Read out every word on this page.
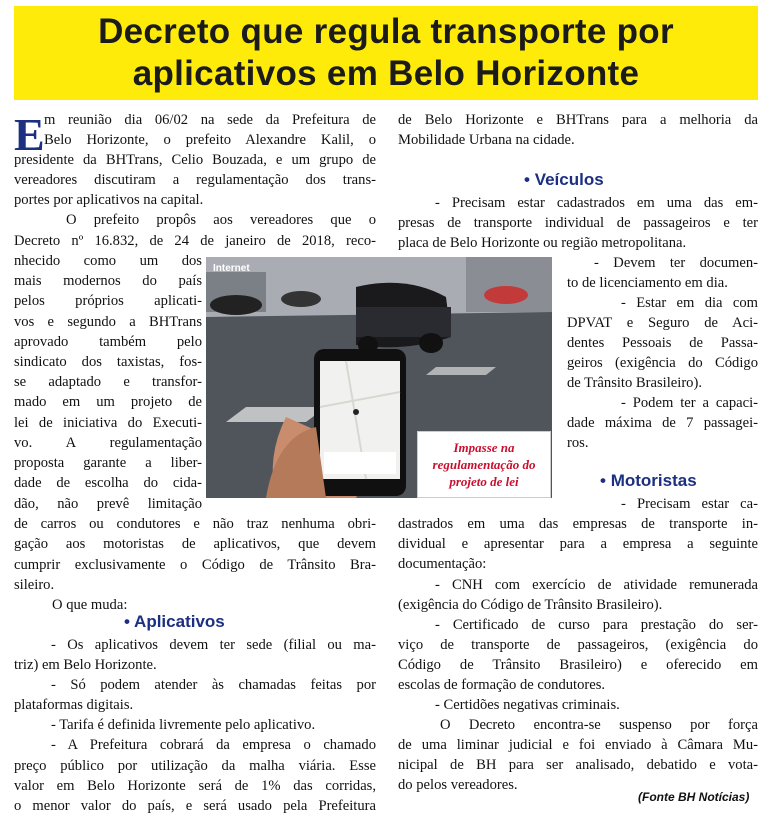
Decreto que regula transporte por
aplicativos em Belo Horizonte
E m reunião dia 06/02 na sede da Prefeitura de

Belo Horizonte, o prefeito Alexandre Kalil, o

presidente da BHTrans, Celio Bouzada, e um grupo de

vereadores discutiram a regulamentação dos trans-

portes por aplicativos na capital.

O prefeito propôs aos vereadores que o

Decreto nº 16.832, de 24 de janeiro de 2018, reco-

nhecido como um dos

mais modernos do país

pelos próprios aplicati-

vos e segundo a BHTrans

aprovado também pelo

sindicato dos taxistas, fos-

se adaptado e transfor-

mado em um projeto de

lei de iniciativa do Executi-

vo. A regulamentação

proposta garante a liber-

dade de escolha do cida-

dão, não prevê limitação

de carros ou condutores e não traz nenhuma obri-

gação aos motoristas de aplicativos, que devem

cumprir exclusivamente o Código de Trânsito Bra-

sileiro.

O que muda:

• Aplicativos

- Os aplicativos devem ter sede (filial ou ma-

triz) em Belo Horizonte.

- Só podem atender às chamadas feitas por

plataformas digitais.

- Tarifa é definida livremente pelo aplicativo.

- A Prefeitura cobrará da empresa o chamado

preço público por utilização da malha viária. Esse

valor em Belo Horizonte será de 1% das corridas,

o menor valor do país, e será usado pela Prefeitura

Internet
Impasse na regulamentação do projeto de lei

de Belo Horizonte e BHTrans para a melhoria da

Mobilidade Urbana na cidade.

• Veículos

- Precisam estar cadastrados em uma das em-

presas de transporte individual de passageiros e ter

placa de Belo Horizonte ou região metropolitana.

- Devem ter documen-

to de licenciamento em dia.

- Estar em dia com

DPVAT e Seguro de Aci-

dentes Pessoais de Passa-

geiros (exigência do Código

de Trânsito Brasileiro).

- Podem ter a capaci-

dade máxima de 7 passagei-

ros.

• Motoristas

- Precisam estar ca-

dastrados em uma das empresas de transporte in-

dividual e apresentar para a empresa a seguinte

documentação:

- CNH com exercício de atividade remunerada

(exigência do Código de Trânsito Brasileiro).

- Certificado de curso para prestação do ser-

viço de transporte de passageiros, (exigência do

Código de Trânsito Brasileiro) e oferecido em

escolas de formação de condutores.

- Certidões negativas criminais.

O Decreto encontra-se suspenso por força

de uma liminar judicial e foi enviado à Câmara Mu-

nicipal de BH para ser analisado, debatido e vota-

do pelos vereadores.

(Fonte BH Notícias)
